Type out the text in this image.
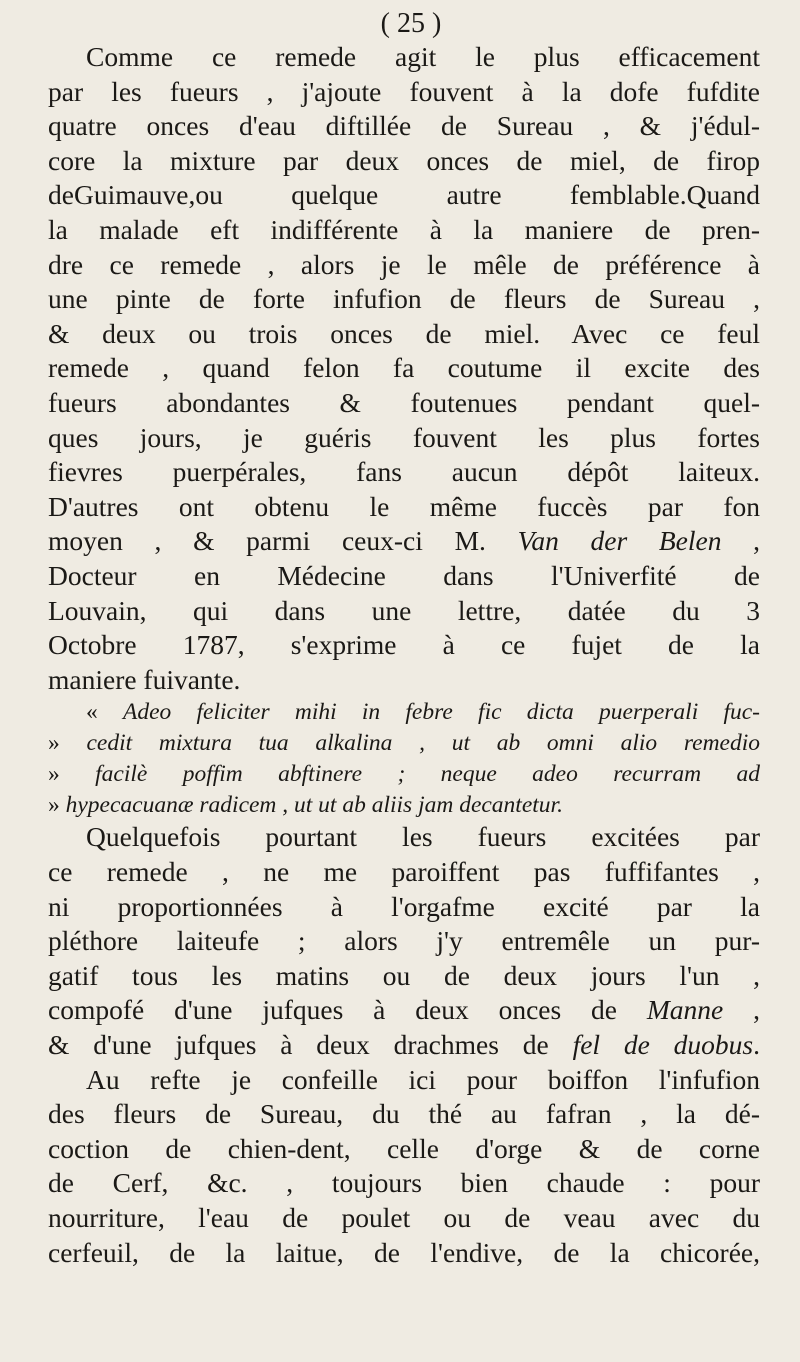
( 25 )

Comme ce remede agit le plus efficacement

par les fueurs , j'ajoute fouvent à la dofe fufdite

quatre onces d'eau diftillée de Sureau , & j'édul-

core la mixture par deux onces de miel, de firop

deGuimauve,ou quelque autre femblable.Quand

la malade eft indifférente à la maniere de pren-

dre ce remede , alors je le mêle de préférence à

une pinte de forte infufion de fleurs de Sureau ,

& deux ou trois onces de miel. Avec ce feul

remede , quand felon fa coutume il excite des

fueurs abondantes & foutenues pendant quel-

ques jours, je guéris fouvent les plus fortes

fievres puerpérales, fans aucun dépôt laiteux.

D'autres ont obtenu le même fuccès par fon

moyen , & parmi ceux-ci M. Van der Belen ,

Docteur en Médecine dans l'Univerfité de

Louvain, qui dans une lettre, datée du 3

Octobre 1787, s'exprime à ce fujet de la

maniere fuivante.

« Adeo feliciter mihi in febre fic dicta puerperali fuc-

» cedit mixtura tua alkalina , ut ab omni alio remedio

» facilè poffim abftinere ; neque adeo recurram ad

» hypecacuanæ radicem , ut ut ab aliis jam decantetur.

Quelquefois pourtant les fueurs excitées par

ce remede , ne me paroiffent pas fuffifantes ,

ni proportionnées à l'orgafme excité par la

pléthore laiteufe ; alors j'y entremêle un pur-

gatif tous les matins ou de deux jours l'un ,

compofé d'une jufques à deux onces de Manne ,

& d'une jufques à deux drachmes de fel de duobus.

Au refte je confeille ici pour boiffon l'infufion

des fleurs de Sureau, du thé au fafran , la dé-

coction de chien-dent, celle d'orge & de corne

de Cerf, &c. , toujours bien chaude : pour

nourriture, l'eau de poulet ou de veau avec du

cerfeuil, de la laitue, de l'endive, de la chicorée,
